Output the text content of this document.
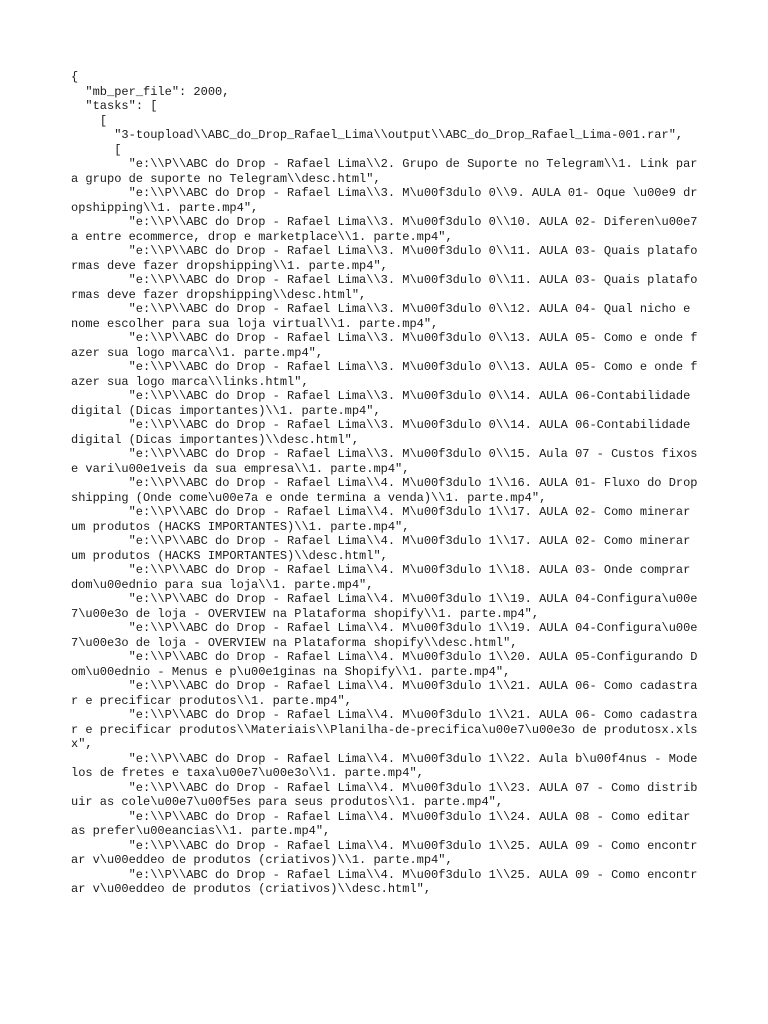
{
"mb_per_file": 2000,
"tasks": [
[
"3-toupload\\ABC_do_Drop_Rafael_Lima\\output\\ABC_do_Drop_Rafael_Lima-001.rar",
[
"e:\\P\\ABC do Drop - Rafael Lima\\2. Grupo de Suporte no Telegram\\1. Link para grupo de suporte no Telegram\\desc.html",
"e:\\P\\ABC do Drop - Rafael Lima\\3. M\u00f3dulo 0\\9. AULA 01- Oque \u00e9 dropshipping\\1. parte.mp4",
"e:\\P\\ABC do Drop - Rafael Lima\\3. M\u00f3dulo 0\\10. AULA 02- Diferen\u00e7a entre ecommerce, drop e marketplace\\1. parte.mp4",
"e:\\P\\ABC do Drop - Rafael Lima\\3. M\u00f3dulo 0\\11. AULA 03- Quais plataformas deve fazer dropshipping\\1. parte.mp4",
"e:\\P\\ABC do Drop - Rafael Lima\\3. M\u00f3dulo 0\\11. AULA 03- Quais plataformas deve fazer dropshipping\\desc.html",
"e:\\P\\ABC do Drop - Rafael Lima\\3. M\u00f3dulo 0\\12. AULA 04- Qual nicho e nome escolher para sua loja virtual\\1. parte.mp4",
"e:\\P\\ABC do Drop - Rafael Lima\\3. M\u00f3dulo 0\\13. AULA 05- Como e onde fazer sua logo marca\\1. parte.mp4",
"e:\\P\\ABC do Drop - Rafael Lima\\3. M\u00f3dulo 0\\13. AULA 05- Como e onde fazer sua logo marca\\links.html",
"e:\\P\\ABC do Drop - Rafael Lima\\3. M\u00f3dulo 0\\14. AULA 06-Contabilidade digital (Dicas importantes)\\1. parte.mp4",
"e:\\P\\ABC do Drop - Rafael Lima\\3. M\u00f3dulo 0\\14. AULA 06-Contabilidade digital (Dicas importantes)\\desc.html",
"e:\\P\\ABC do Drop - Rafael Lima\\3. M\u00f3dulo 0\\15. Aula 07 - Custos fixos e vari\u00e1veis da sua empresa\\1. parte.mp4",
"e:\\P\\ABC do Drop - Rafael Lima\\4. M\u00f3dulo 1\\16. AULA 01- Fluxo do Dropshipping (Onde come\u00e7a e onde termina a venda)\\1. parte.mp4",
"e:\\P\\ABC do Drop - Rafael Lima\\4. M\u00f3dulo 1\\17. AULA 02- Como minerar um produtos (HACKS IMPORTANTES)\\1. parte.mp4",
"e:\\P\\ABC do Drop - Rafael Lima\\4. M\u00f3dulo 1\\17. AULA 02- Como minerar um produtos (HACKS IMPORTANTES)\\desc.html",
"e:\\P\\ABC do Drop - Rafael Lima\\4. M\u00f3dulo 1\\18. AULA 03- Onde comprar dom\u00ednio para sua loja\\1. parte.mp4",
"e:\\P\\ABC do Drop - Rafael Lima\\4. M\u00f3dulo 1\\19. AULA 04-Configura\u00e7\u00e3o de loja - OVERVIEW na Plataforma shopify\\1. parte.mp4",
"e:\\P\\ABC do Drop - Rafael Lima\\4. M\u00f3dulo 1\\19. AULA 04-Configura\u00e7\u00e3o de loja - OVERVIEW na Plataforma shopify\\desc.html",
"e:\\P\\ABC do Drop - Rafael Lima\\4. M\u00f3dulo 1\\20. AULA 05-Configurando Dom\u00ednio - Menus e p\u00e1ginas na Shopify\\1. parte.mp4",
"e:\\P\\ABC do Drop - Rafael Lima\\4. M\u00f3dulo 1\\21. AULA 06- Como cadastrar e precificar produtos\\1. parte.mp4",
"e:\\P\\ABC do Drop - Rafael Lima\\4. M\u00f3dulo 1\\21. AULA 06- Como cadastrar e precificar produtos\\Materiais\\Planilha-de-precifica\u00e7\u00e3o de produtosx.xlsx",
"e:\\P\\ABC do Drop - Rafael Lima\\4. M\u00f3dulo 1\\22. Aula b\u00f4nus - Modelos de fretes e taxa\u00e7\u00e3o\\1. parte.mp4",
"e:\\P\\ABC do Drop - Rafael Lima\\4. M\u00f3dulo 1\\23. AULA 07 - Como distribuir as cole\u00e7\u00f5es para seus produtos\\1. parte.mp4",
"e:\\P\\ABC do Drop - Rafael Lima\\4. M\u00f3dulo 1\\24. AULA 08 - Como editar as prefer\u00eancias\\1. parte.mp4",
"e:\\P\\ABC do Drop - Rafael Lima\\4. M\u00f3dulo 1\\25. AULA 09 - Como encontrar v\u00eddeo de produtos (criativos)\\1. parte.mp4",
"e:\\P\\ABC do Drop - Rafael Lima\\4. M\u00f3dulo 1\\25. AULA 09 - Como encontrar v\u00eddeo de produtos (criativos)\\desc.html",
